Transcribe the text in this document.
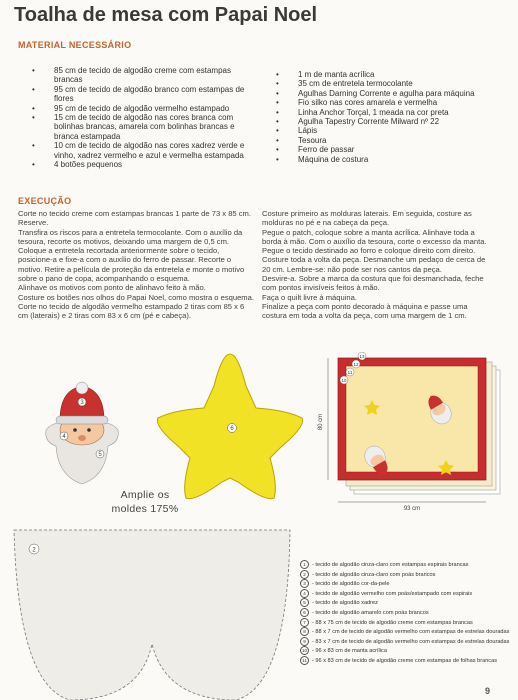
Toalha de mesa com Papai Noel
MATERIAL NECESSÁRIO
• 85 cm de tecido de algodão creme com estampas brancas
• 95 cm de tecido de algodão branco com estampas de flores
• 95 cm de tecido de algodão vermelho estampado
• 15 cm de tecido de algodão nas cores branca com bolinhas brancas, amarela com bolinhas brancas e branca estampada
• 10 cm de tecido de algodão nas cores xadrez verde e vinho, xadrez vermelho e azul e vermelha estampada
• 4 botões pequenos
• 1 m de manta acrílica
• 35 cm de entretela termocolante
• Agulhas Darning Corrente e agulha para máquina
• Fio silko nas cores amarela e vermelha
• Linha Anchor Torçal, 1 meada na cor preta
• Agulha Tapestry Corrente Milward nº 22
• Lápis
• Tesoura
• Ferro de passar
• Máquina de costura
EXECUÇÃO

Corte no tecido creme com estampas brancas 1 parte de 73 x 85 cm. Reserve.

Transfira os riscos para a entretela termocolante. Com o auxílio da tesoura, recorte os motivos, deixando uma margem de 0,5 cm. Coloque a entretela recortada anteriormente sobre o tecido, posicione-a e fixe-a com o auxílio do ferro de passar. Recorte o motivo. Retire a película de proteção da entretela e monte o motivo sobre o pano de copa, acompanhando o esquema.

Alinhave os motivos com ponto de alinhavo feito à mão.

Costure os botões nos olhos do Papai Noel, como mostra o esquema.

Corte no tecido de algodão vermelho estampado 2 tiras com 85 x 6 cm (laterais) e 2 tiras com 83 x 6 cm (pé e cabeça).

Costure primeiro as molduras laterais. Em seguida, costure as molduras no pé e na cabeça da peça.

Pegue o patch, coloque sobre a manta acrílica. Alinhave toda a borda à mão. Com o auxílio da tesoura, corte o excesso da manta. Pegue o tecido destinado ao forro e coloque direito com direito. Costure toda a volta da peça. Desmanche um pedaço de cerca de 20 cm. Lembre-se: não pode ser nos cantos da peça.

Desvire-a. Sobre a marca da costura que foi desmanchada, feche com pontos invisíveis feitos à mão.

Faça o quilt livre à máquina.

Finalize a peça com ponto decorado à máquina e passe uma costura em toda a volta da peça, com uma margem de 1 cm.

3
4
5
Amplie os
moldes 175%
6	80 cm
93 cm
13
12
11
10
2
1 - tecido de algodão cinza-claro com estampas espirais brancas
2 - tecido de algodão cinza-claro com poás brancos
3 - tecido de algodão cor-da-pele
4 - tecido de algodão vermelho com poás/estampado com espirais
5 - tecido de algodão xadrez
6 - tecido de algodão amarelo com poás brancos
7 - 88 x 75 cm de tecido de algodão creme com estampas brancas
8 - 88 x 7 cm de tecido de algodão vermelho com estampas de estrelas douradas
9 - 83 x 7 cm de tecido de algodão vermelho com estampas de estrelas douradas
10 - 96 x 83 cm de manta acrílica
11 - 96 x 83 cm de tecido de algodão creme com estampas de folhas brancas
9
